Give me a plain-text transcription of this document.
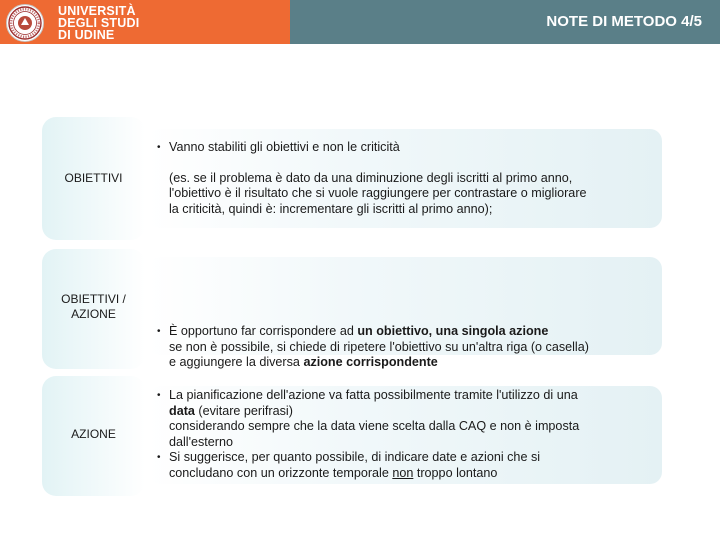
UNIVERSITÀ
DEGLI STUDI
DI UDINE
NOTE DI METODO 4/5
OBIETTIVI
• Vanno stabiliti gli obiettivi e non le criticità
(es. se il problema è dato da una diminuzione degli iscritti al primo anno,
l'obiettivo è il risultato che si vuole raggiungere per contrastare o migliorare
la criticità, quindi è: incrementare gli iscritti al primo anno);
OBIETTIVI /
AZIONE
• È opportuno far corrispondere ad un obiettivo, una singola azione
se non è possibile, si chiede di ripetere l'obiettivo su un'altra riga (o casella)
e aggiungere la diversa azione corrispondente
AZIONE
• La pianificazione dell'azione va fatta possibilmente tramite l'utilizzo di una
data (evitare perifrasi)
considerando sempre che la data viene scelta dalla CAQ e non è imposta
dall'esterno
• Si suggerisce, per quanto possibile, di indicare date e azioni che si
concludano con un orizzonte temporale non troppo lontano
